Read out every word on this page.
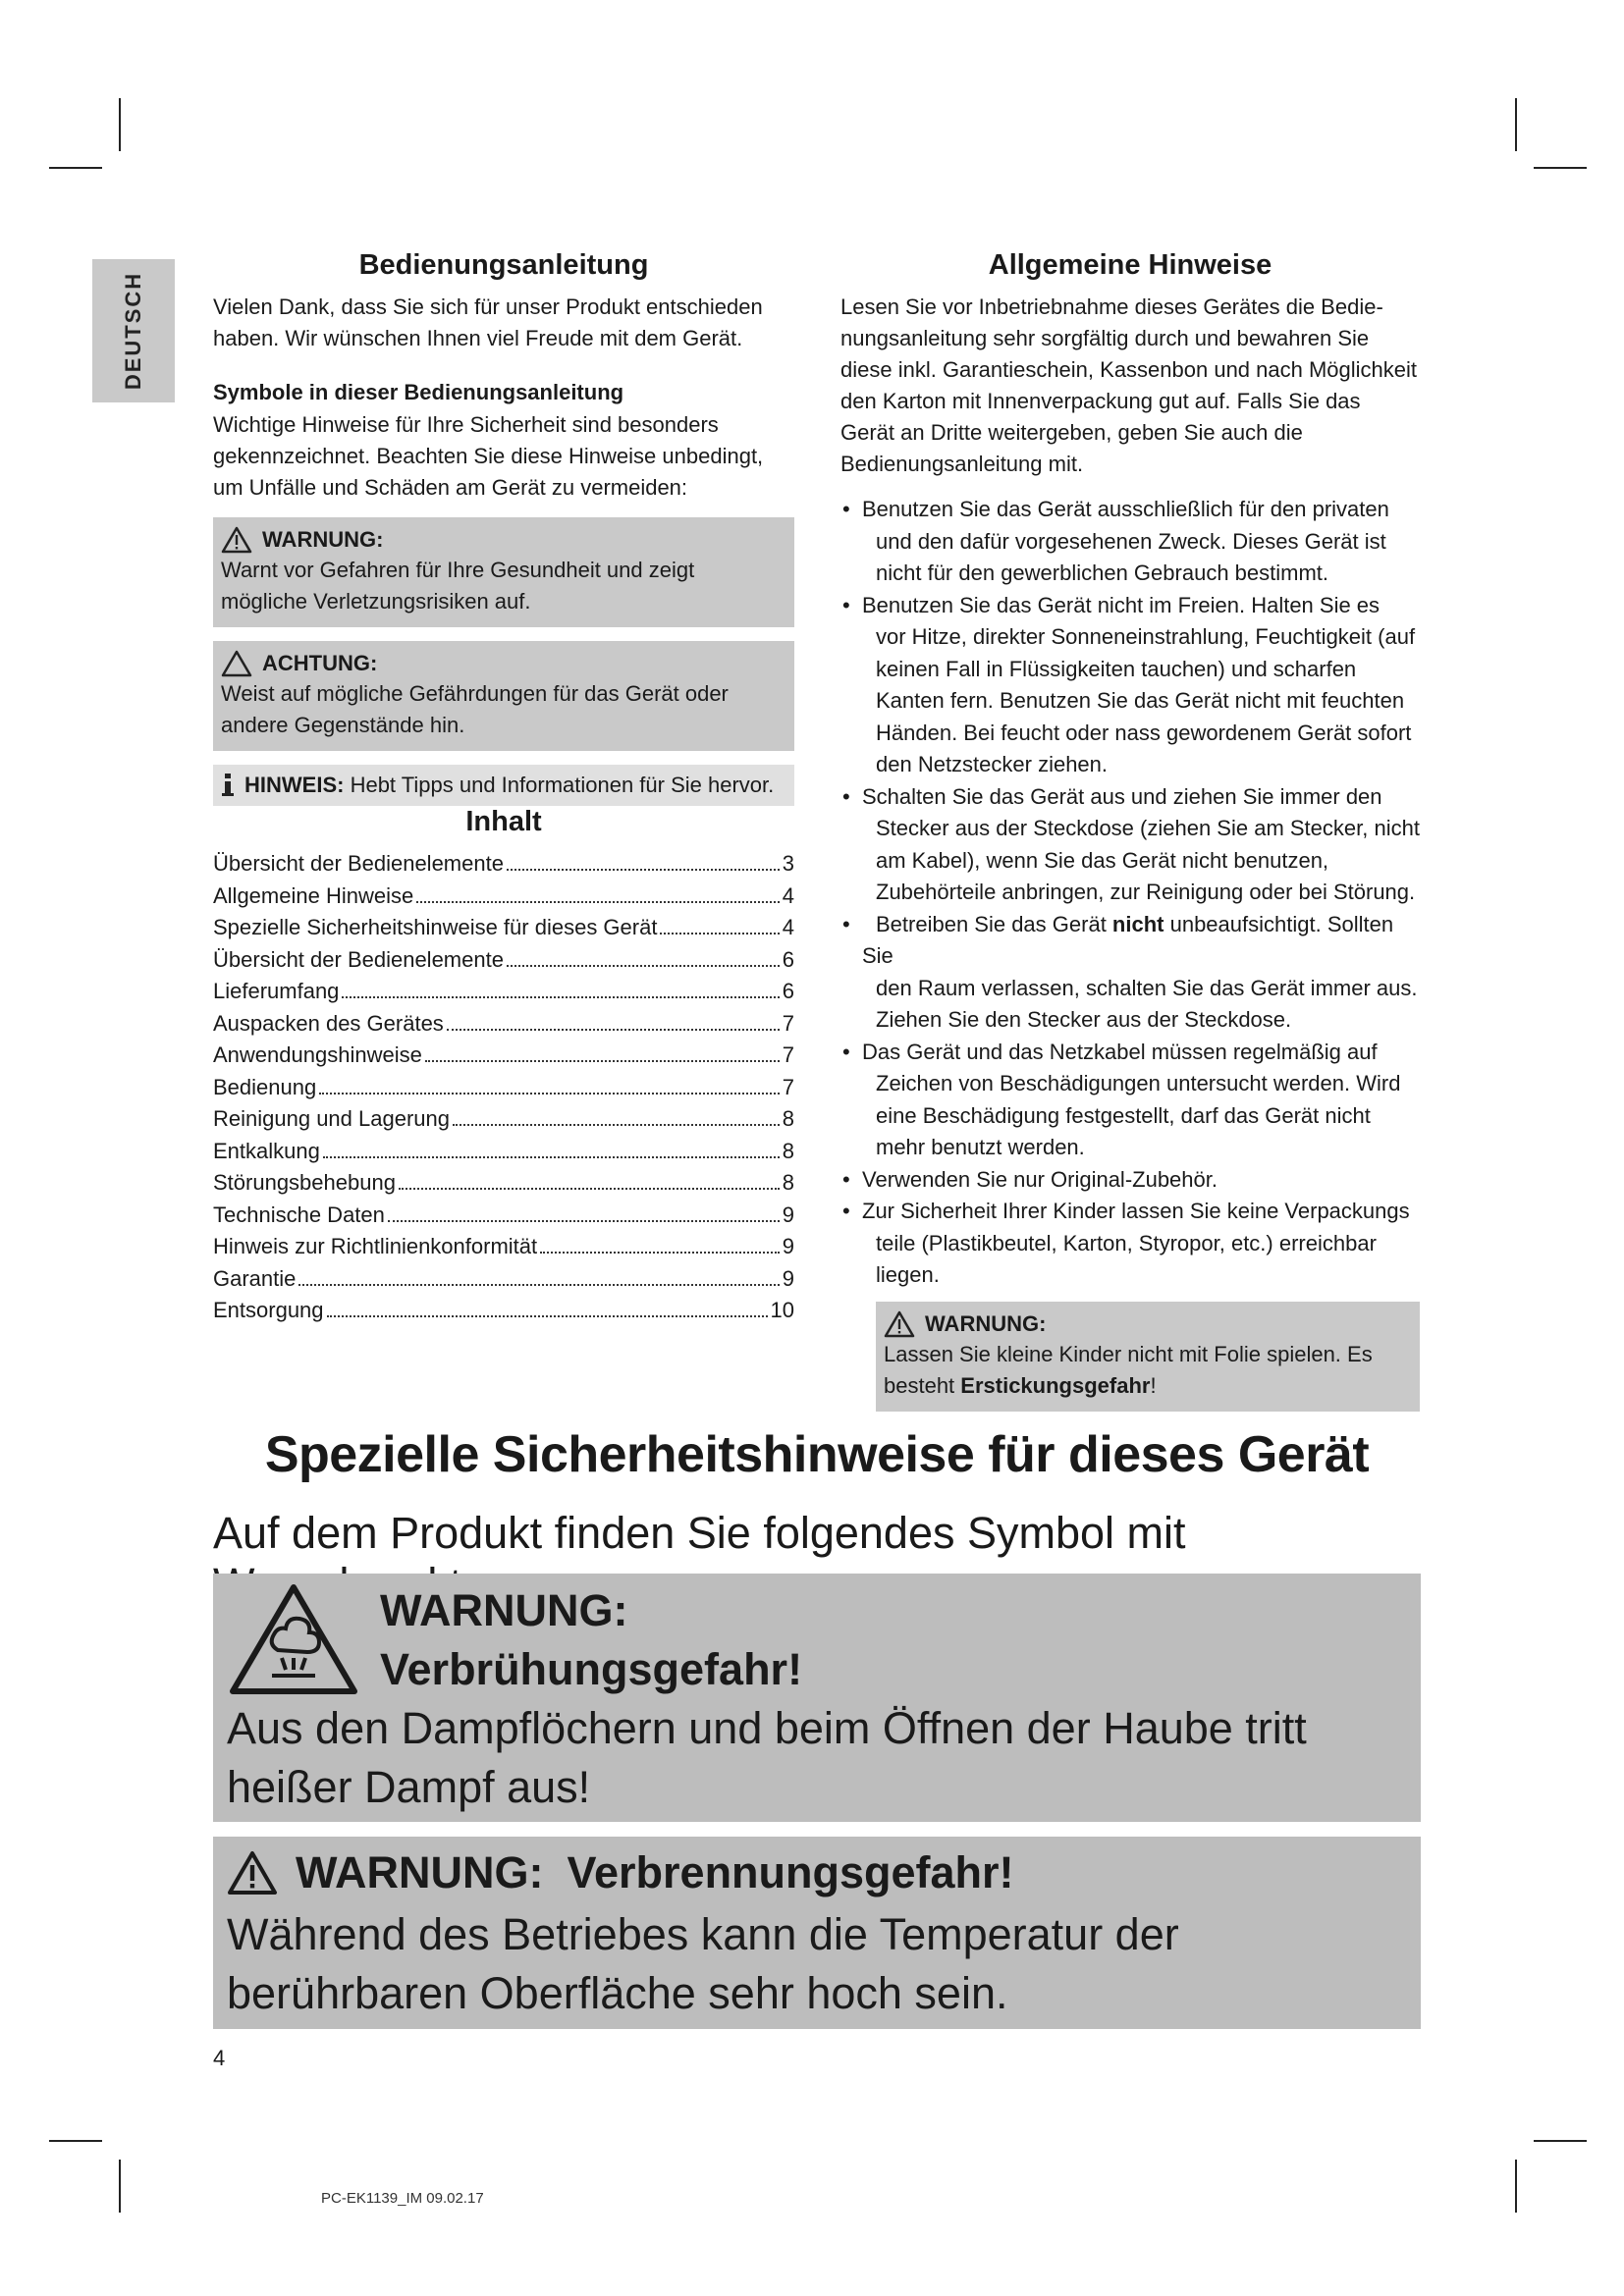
DEUTSCH
Bedienungsanleitung

Vielen Dank, dass Sie sich für unser Produkt entschieden haben. Wir wünschen Ihnen viel Freude mit dem Gerät.

Symbole in dieser Bedienungsanleitung

Wichtige Hinweise für Ihre Sicherheit sind besonders gekennzeichnet. Beachten Sie diese Hinweise unbedingt, um Unfälle und Schäden am Gerät zu vermeiden:

WARNUNG:
Warnt vor Gefahren für Ihre Gesundheit und zeigt mögliche Verletzungsrisiken auf.
ACHTUNG:
Weist auf mögliche Gefährdungen für das Gerät oder andere Gegenstände hin.
HINWEIS: Hebt Tipps und Informationen für Sie hervor.
Inhalt
Übersicht der Bedienelemente	3
Allgemeine Hinweise	4
Spezielle Sicherheitshinweise für dieses Gerät	4
Übersicht der Bedienelemente	6
Lieferumfang	6
Auspacken des Gerätes	7
Anwendungshinweise	7
Bedienung	7
Reinigung und Lagerung	8
Entkalkung	8
Störungsbehebung	8
Technische Daten	9
Hinweis zur Richtlinienkonformität	9
Garantie	9
Entsorgung	10
Allgemeine Hinweise

Lesen Sie vor Inbetriebnahme dieses Gerätes die Bedienungsanleitung sehr sorgfältig durch und bewahren Sie diese inkl. Garantieschein, Kassenbon und nach Möglichkeit den Karton mit Innenverpackung gut auf. Falls Sie das Gerät an Dritte weitergeben, geben Sie auch die Bedienungsanleitung mit.

• Benutzen Sie das Gerät ausschließlich für den privaten
und den dafür vorgesehenen Zweck. Dieses Gerät ist nicht für den gewerblichen Gebrauch bestimmt.
• Benutzen Sie das Gerät nicht im Freien. Halten Sie es
vor Hitze, direkter Sonneneinstrahlung, Feuchtigkeit (auf keinen Fall in Flüssigkeiten tauchen) und scharfen Kanten fern. Benutzen Sie das Gerät nicht mit feuchten Händen. Bei feucht oder nass gewordenem Gerät sofort den Netzstecker ziehen.
• Schalten Sie das Gerät aus und ziehen Sie immer den
Stecker aus der Steckdose (ziehen Sie am Stecker, nicht am Kabel), wenn Sie das Gerät nicht benutzen, Zubehörteile anbringen, zur Reinigung oder bei Störung.
• Betreiben Sie das Gerät nicht unbeaufsichtigt. Sollten Sie
den Raum verlassen, schalten Sie das Gerät immer aus. Ziehen Sie den Stecker aus der Steckdose.
• Das Gerät und das Netzkabel müssen regelmäßig auf
Zeichen von Beschädigungen untersucht werden. Wird eine Beschädigung festgestellt, darf das Gerät nicht mehr benutzt werden.
• Verwenden Sie nur Original-Zubehör.
• Zur Sicherheit Ihrer Kinder lassen Sie keine Verpackungs
teile (Plastikbeutel, Karton, Styropor, etc.) erreichbar liegen.
WARNUNG:
Lassen Sie kleine Kinder nicht mit Folie spielen. Es besteht Erstickungsgefahr!
Spezielle Sicherheitshinweise für dieses Gerät
Auf dem Produkt finden Sie folgendes Symbol mit
WARNUNG:
Verbrühungsgefahr!
Aus den Dampflöchern und beim Öffnen der Haube tritt heißer Dampf aus!
WARNUNG: Verbrennungsgefahr!
Während des Betriebes kann die Temperatur der berührbaren Oberfläche sehr hoch sein.
4
PC-EK1139_IM 09.02.17
